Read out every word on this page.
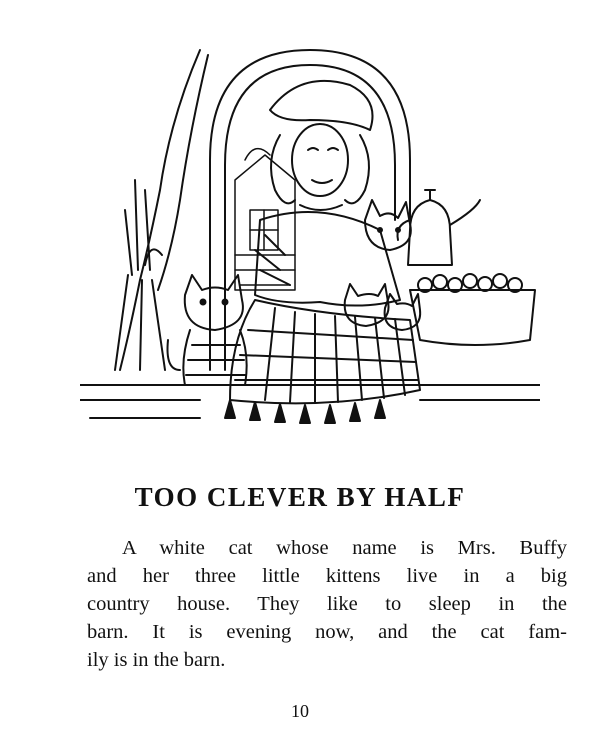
TOO CLEVER BY HALF

A white cat whose name is Mrs. Buffy
and her three little kittens live in a big
country house. They like to sleep in the
barn. It is evening now, and the cat fam-
ily is in the barn.

10
